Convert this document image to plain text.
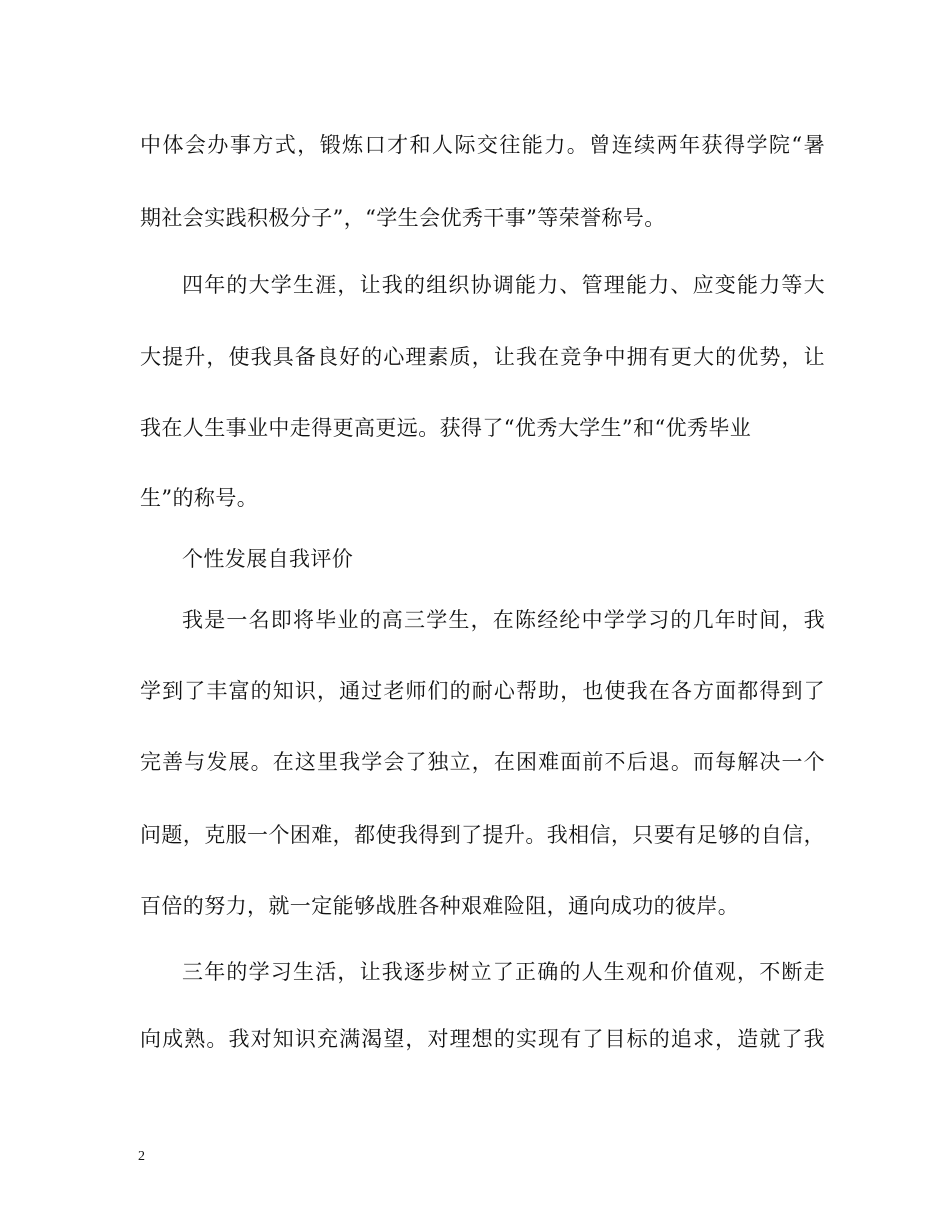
中体会办事方式，锻炼口才和人际交往能力。曾连续两年获得学院“暑
期社会实践积极分子”，“学生会优秀干事”等荣誉称号。
四年的大学生涯，让我的组织协调能力、管理能力、应变能力等大
大提升，使我具备良好的心理素质，让我在竞争中拥有更大的优势，让
我在人生事业中走得更高更远。获得了“优秀大学生”和“优秀毕业
生”的称号。
个性发展自我评价
我是一名即将毕业的高三学生，在陈经纶中学学习的几年时间，我
学到了丰富的知识，通过老师们的耐心帮助，也使我在各方面都得到了
完善与发展。在这里我学会了独立，在困难面前不后退。而每解决一个
问题，克服一个困难，都使我得到了提升。我相信，只要有足够的自信，
百倍的努力，就一定能够战胜各种艰难险阻，通向成功的彼岸。
三年的学习生活，让我逐步树立了正确的人生观和价值观，不断走
向成熟。我对知识充满渴望，对理想的实现有了目标的追求，造就了我
2
